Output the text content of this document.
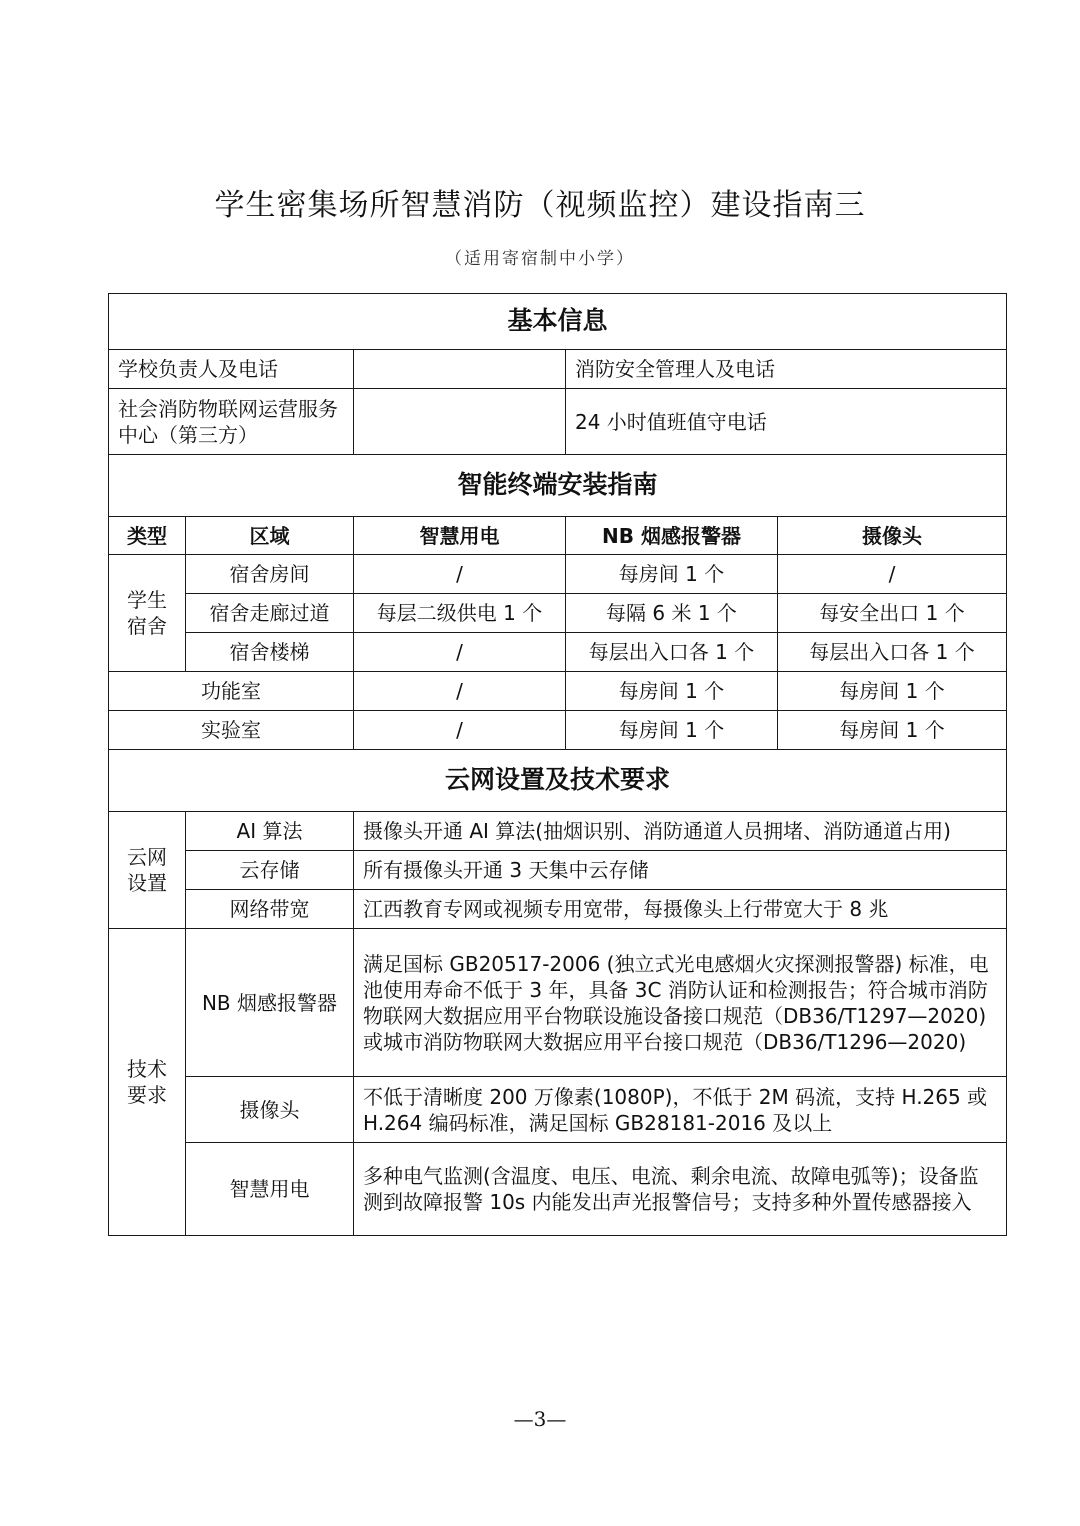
学生密集场所智慧消防（视频监控）建设指南三
（适用寄宿制中小学）
基本信息				
学校负责人及电话			消防安全管理人及电话	
社会消防物联网运营服务中心（第三方）			24 小时值班值守电话	
智能终端安装指南				
类型	区域	智慧用电	NB 烟感报警器	摄像头
学生宿舍	宿舍房间	/	每房间 1 个	/
	宿舍走廊过道	每层二级供电 1 个	每隔 6 米 1 个	每安全出口 1 个
	宿舍楼梯	/	每层出入口各 1 个	每层出入口各 1 个
功能室		/	每房间 1 个	每房间 1 个
实验室		/	每房间 1 个	每房间 1 个
云网设置及技术要求				
云网设置	AI 算法	摄像头开通 AI 算法(抽烟识别、消防通道人员拥堵、消防通道占用)		
	云存储	所有摄像头开通 3 天集中云存储		
	网络带宽	江西教育专网或视频专用宽带，每摄像头上行带宽大于 8 兆		
技术要求	NB 烟感报警器	满足国标 GB20517-2006 (独立式光电感烟火灾探测报警器) 标准，电池使用寿命不低于 3 年，具备 3C 消防认证和检测报告；符合城市消防物联网大数据应用平台物联设施设备接口规范（DB36/T1297—2020) 或城市消防物联网大数据应用平台接口规范（DB36/T1296—2020)		
	摄像头	不低于清晰度 200 万像素(1080P)，不低于 2M 码流，支持 H.265 或 H.264 编码标准，满足国标 GB28181-2016 及以上		
	智慧用电	多种电气监测(含温度、电压、电流、剩余电流、故障电弧等)；设备监测到故障报警 10s 内能发出声光报警信号；支持多种外置传感器接入		
—3—
